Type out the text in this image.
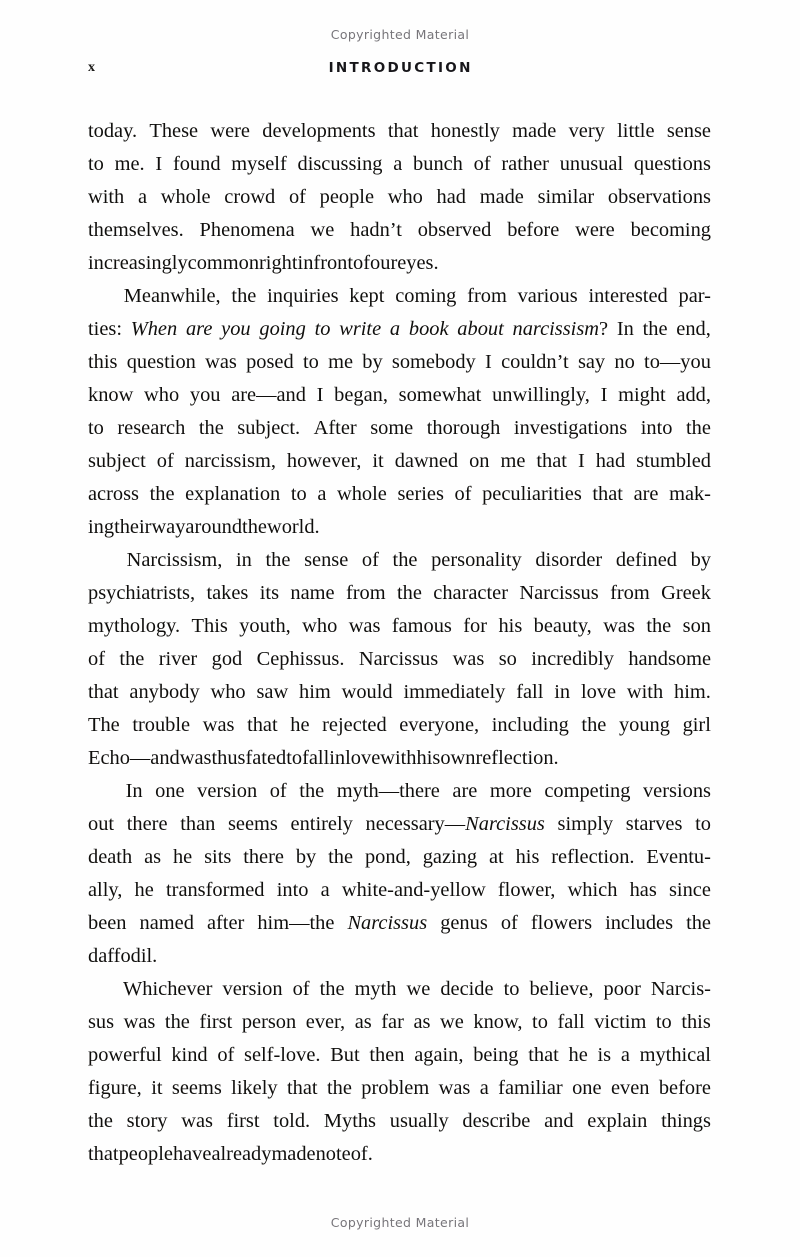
Copyrighted Material
x	INTRODUCTION
today. These were developments that honestly made very little sense
to me. I found myself discussing a bunch of rather unusual questions
with a whole crowd of people who had made similar observations
themselves. Phenomena we hadn’t observed before were becoming
increasingly common right in front of our eyes.
Meanwhile, the inquiries kept coming from various interested par-
ties: When are you going to write a book about narcissism? In the end,
this question was posed to me by somebody I couldn’t say no to—you
know who you are—and I began, somewhat unwillingly, I might add,
to research the subject. After some thorough investigations into the
subject of narcissism, however, it dawned on me that I had stumbled
across the explanation to a whole series of peculiarities that are mak-
ing their way around the world.
Narcissism, in the sense of the personality disorder defined by
psychiatrists, takes its name from the character Narcissus from Greek
mythology. This youth, who was famous for his beauty, was the son
of the river god Cephissus. Narcissus was so incredibly handsome
that anybody who saw him would immediately fall in love with him.
The trouble was that he rejected everyone, including the young girl
Echo—and was thus fated to fall in love with his own reflection.
In one version of the myth—there are more competing versions
out there than seems entirely necessary—Narcissus simply starves to
death as he sits there by the pond, gazing at his reflection. Eventu-
ally, he transformed into a white-and-yellow flower, which has since
been named after him—the Narcissus genus of flowers includes the
daffodil.
Whichever version of the myth we decide to believe, poor Narcis-
sus was the first person ever, as far as we know, to fall victim to this
powerful kind of self-love. But then again, being that he is a mythical
figure, it seems likely that the problem was a familiar one even before
the story was first told. Myths usually describe and explain things
that people have already made note of.
Copyrighted Material
